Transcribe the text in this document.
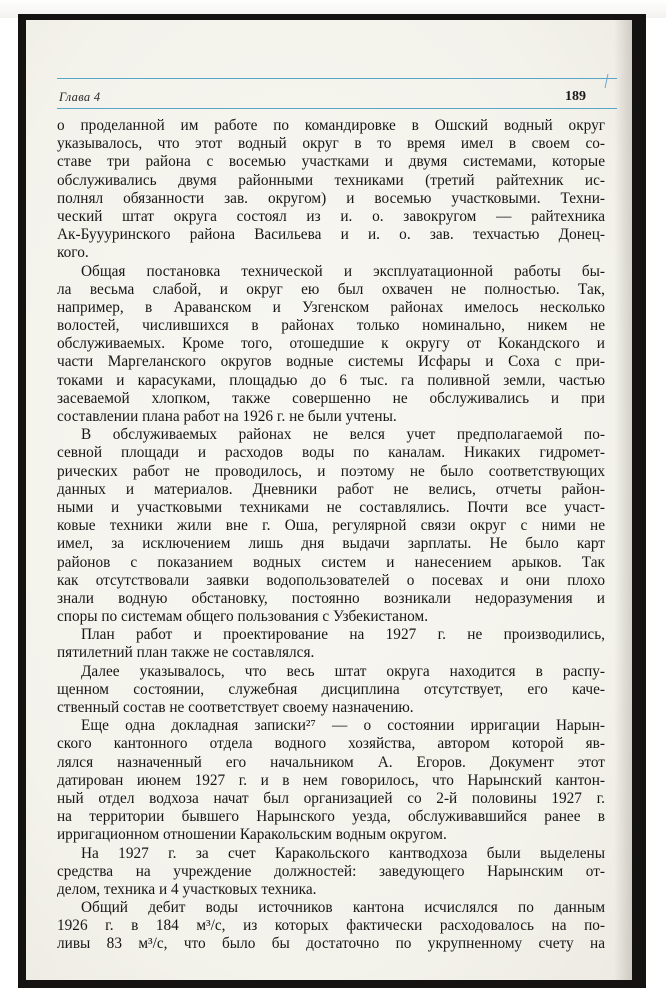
Глава 4	189
о проделанной им работе по командировке в Ошский водный округ
указывалось, что этот водный округ в то время имел в своем со-
ставе три района с восемью участками и двумя системами, которые
обслуживались двумя районными техниками (третий райтехник ис-
полнял обязанности зав. округом) и восемью участковыми. Техни-
ческий штат округа состоял из и. о. завокругом — райтехника
Ак-Буууринского района Васильева и и. о. зав. техчастью Донец-
кого.
Общая постановка технической и эксплуатационной работы бы-
ла весьма слабой, и округ ею был охвачен не полностью. Так,
например, в Араванском и Узгенском районах имелось несколько
волостей, числившихся в районах только номинально, никем не
обслуживаемых. Кроме того, отошедшие к округу от Кокандского и
части Маргеланского округов водные системы Исфары и Соха с при-
токами и карасуками, площадью до 6 тыс. га поливной земли, частью
засеваемой хлопком, также совершенно не обслуживались и при
составлении плана работ на 1926 г. не были учтены.
В обслуживаемых районах не велся учет предполагаемой по-
севной площади и расходов воды по каналам. Никаких гидромет-
рических работ не проводилось, и поэтому не было соответствующих
данных и материалов. Дневники работ не велись, отчеты район-
ными и участковыми техниками не составлялись. Почти все участ-
ковые техники жили вне г. Оша, регулярной связи округ с ними не
имел, за исключением лишь дня выдачи зарплаты. Не было карт
районов с показанием водных систем и нанесением арыков. Так
как отсутствовали заявки водопользователей о посевах и они плохо
знали водную обстановку, постоянно возникали недоразумения и
споры по системам общего пользования с Узбекистаном.
План работ и проектирование на 1927 г. не производились,
пятилетний план также не составлялся.
Далее указывалось, что весь штат округа находится в распу-
щенном состоянии, служебная дисциплина отсутствует, его каче-
ственный состав не соответствует своему назначению.
Еще одна докладная записки²⁷ — о состоянии ирригации Нарын-
ского кантонного отдела водного хозяйства, автором которой яв-
лялся назначенный его начальником А. Егоров. Документ этот
датирован июнем 1927 г. и в нем говорилось, что Нарынский кантон-
ный отдел водхоза начат был организацией со 2-й половины 1927 г.
на территории бывшего Нарынского уезда, обслуживавшийся ранее в
ирригационном отношении Каракольским водным округом.
На 1927 г. за счет Каракольского кантводхоза были выделены
средства на учреждение должностей: заведующего Нарынским от-
делом, техника и 4 участковых техника.
Общий дебит воды источников кантона исчислялся по данным
1926 г. в 184 м³/с, из которых фактически расходовалось на по-
ливы 83 м³/с, что было бы достаточно по укрупненному счету на
